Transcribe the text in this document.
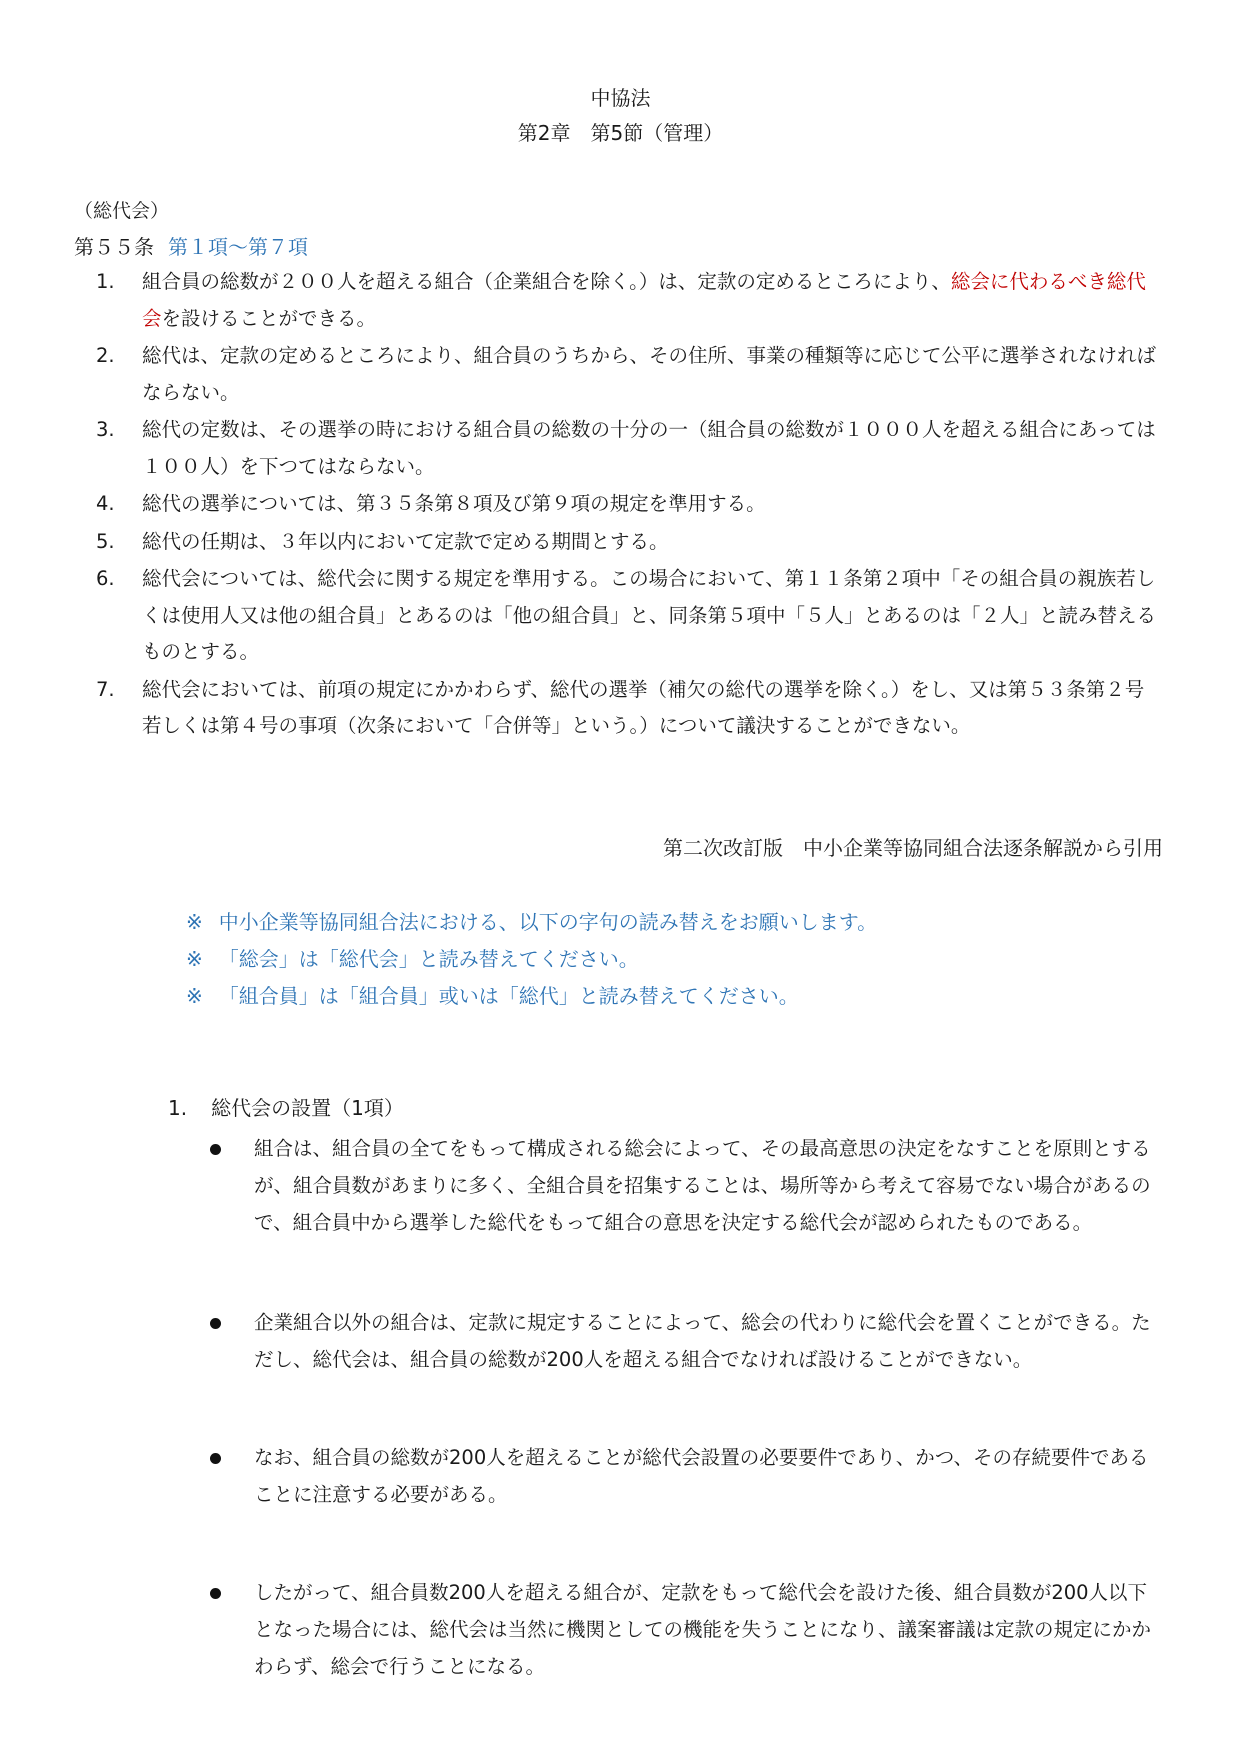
中協法
第2章　第5節（管理）
（総代会）
第５５条 第１項～第７項
1. 組合員の総数が２００人を超える組合（企業組合を除く。）は、定款の定めるところにより、総会に代わるべき総代会を設けることができる。
2. 総代は、定款の定めるところにより、組合員のうちから、その住所、事業の種類等に応じて公平に選挙されなければならない。
3. 総代の定数は、その選挙の時における組合員の総数の十分の一（組合員の総数が１０００人を超える組合にあっては１００人）を下つてはならない。
4. 総代の選挙については、第３５条第８項及び第９項の規定を準用する。
5. 総代の任期は、３年以内において定款で定める期間とする。
6. 総代会については、総代会に関する規定を準用する。この場合において、第１１条第２項中「その組合員の親族若しくは使用人又は他の組合員」とあるのは「他の組合員」と、同条第５項中「５人」とあるのは「２人」と読み替えるものとする。
7. 総代会においては、前項の規定にかかわらず、総代の選挙（補欠の総代の選挙を除く。）をし、又は第５３条第２号若しくは第４号の事項（次条において「合併等」という。）について議決することができない。
第二次改訂版　中小企業等協同組合法逐条解説から引用
※ 中小企業等協同組合法における、以下の字句の読み替えをお願いします。
※ 「総会」は「総代会」と読み替えてください。
※ 「組合員」は「組合員」或いは「総代」と読み替えてください。
1. 総代会の設置（1項）
組合は、組合員の全てをもって構成される総会によって、その最高意思の決定をなすことを原則とするが、組合員数があまりに多く、全組合員を招集することは、場所等から考えて容易でない場合があるので、組合員中から選挙した総代をもって組合の意思を決定する総代会が認められたものである。
企業組合以外の組合は、定款に規定することによって、総会の代わりに総代会を置くことができる。ただし、総代会は、組合員の総数が200人を超える組合でなければ設けることができない。
なお、組合員の総数が200人を超えることが総代会設置の必要要件であり、かつ、その存続要件であることに注意する必要がある。
したがって、組合員数200人を超える組合が、定款をもって総代会を設けた後、組合員数が200人以下となった場合には、総代会は当然に機関としての機能を失うことになり、議案審議は定款の規定にかかわらず、総会で行うことになる。
